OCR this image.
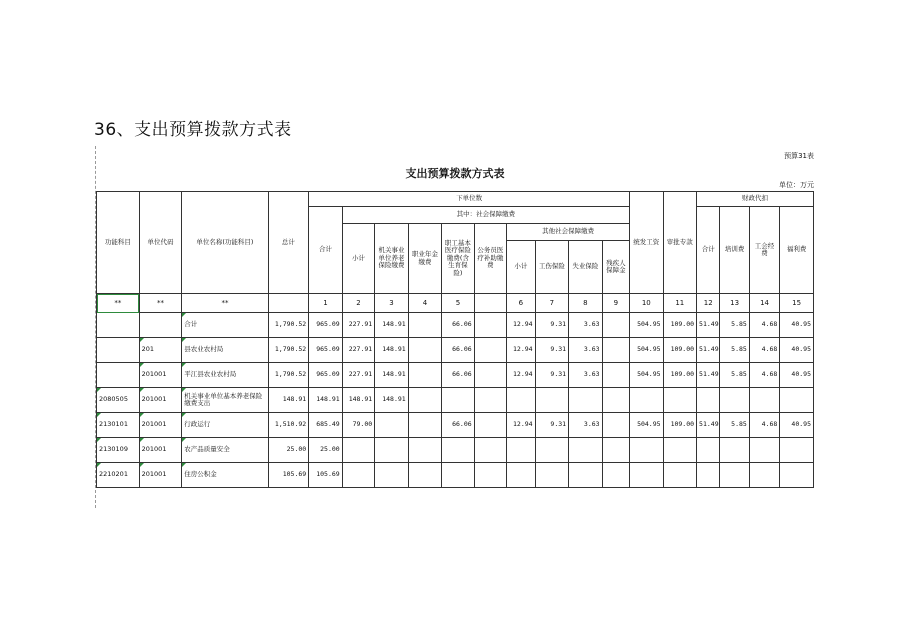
36、支出预算拨款方式表
预算31表
支出预算拨款方式表
单位：万元
功能科目	单位代码	单位名称(功能科目)	总计	下单位数										统发工资	审批专款	财政代扣			
				合计	其中：社会保障缴费											合计	培训费	工会经费	福利费
					小计	机关事业单位养老保险缴费	职业年金缴费	职工基本医疗保险缴费(含生育保险)	公务员医疗补助缴费	其他社会保障缴费									
										小计	工伤保险	失业保险	残疾人保障金						
**	**	**		1	2	3	4	5		6	7	8	9	10	11	12	13	14	15
		合计	1,790.52	965.09	227.91	148.91		66.06		12.94	9.31	3.63		504.95	109.00	51.49	5.85	4.68	40.95
	201	县农业农村局	1,790.52	965.09	227.91	148.91		66.06		12.94	9.31	3.63		504.95	109.00	51.49	5.85	4.68	40.95
	201001	平江县农业农村局	1,790.52	965.09	227.91	148.91		66.06		12.94	9.31	3.63		504.95	109.00	51.49	5.85	4.68	40.95
2080505	201001	机关事业单位基本养老保险缴费支出	148.91	148.91	148.91	148.91													
2130101	201001	行政运行	1,510.92	685.49	79.00			66.06		12.94	9.31	3.63		504.95	109.00	51.49	5.85	4.68	40.95
2130109	201001	农产品质量安全	25.00	25.00															
2210201	201001	住房公积金	105.69	105.69															
